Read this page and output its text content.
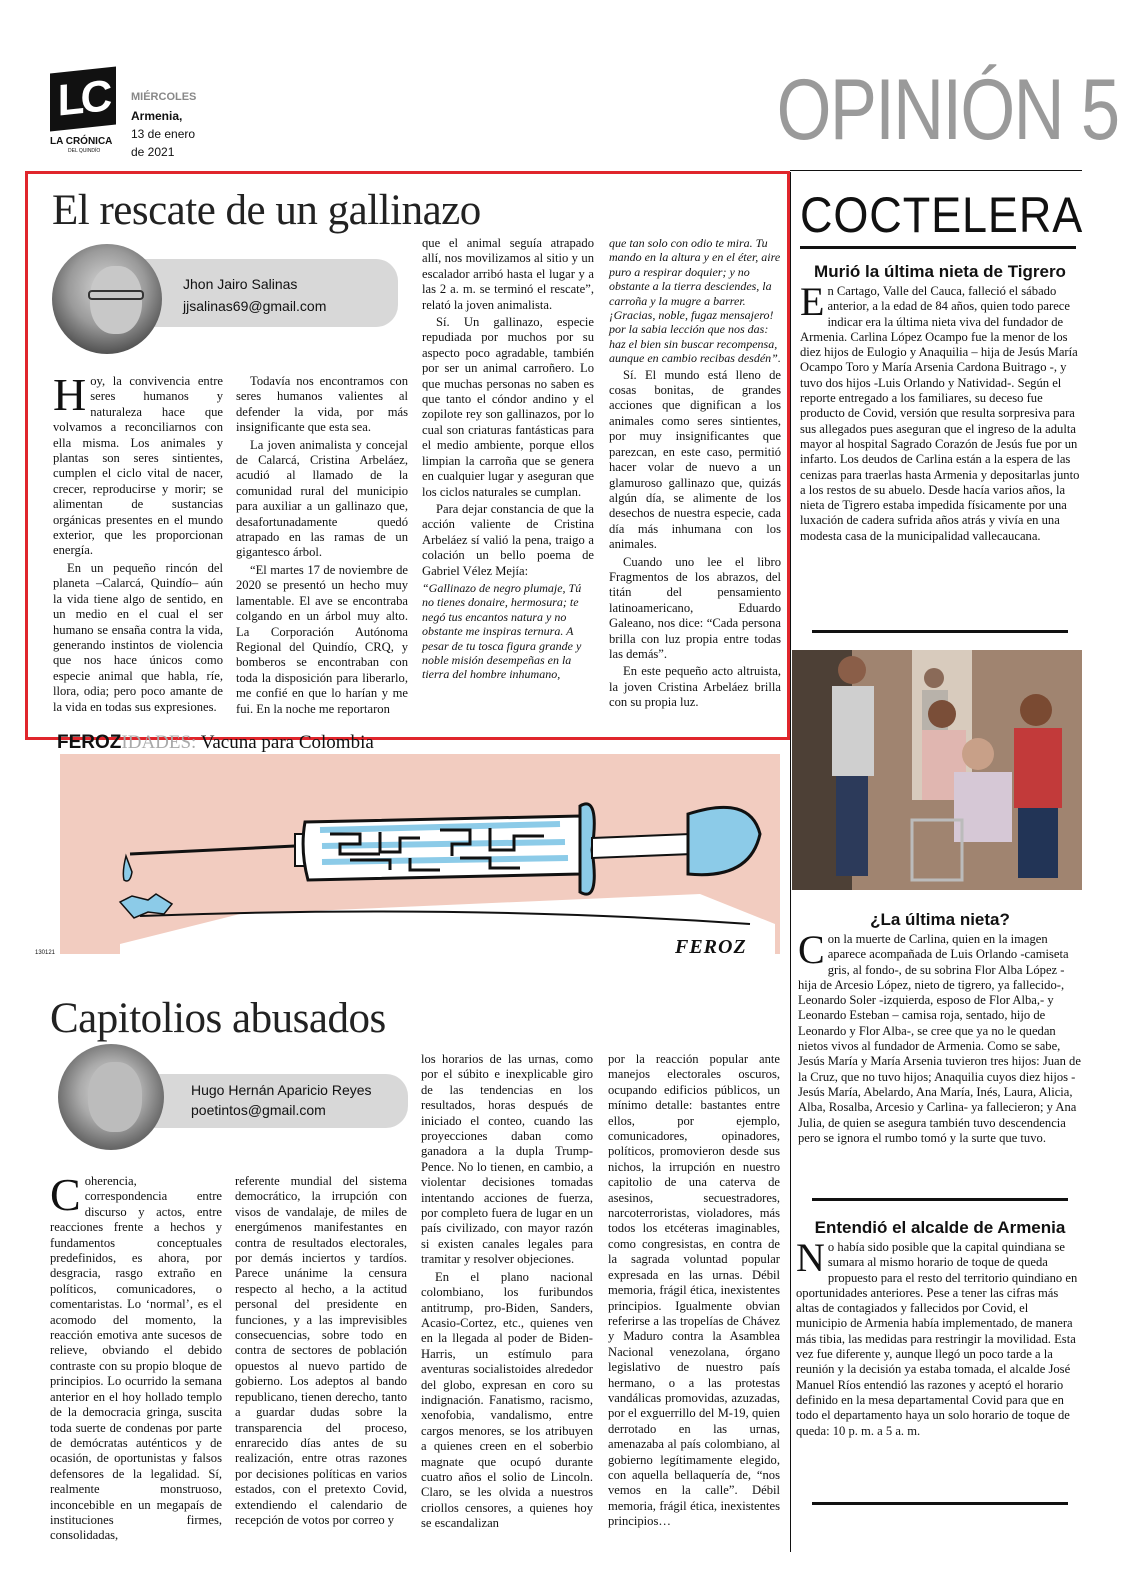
LC
LA CRÓNICA
DEL QUINDÍO
MIÉRCOLES
Armenia,
13 de enero
de 2021	OPINIÓN 5
El rescate de un gallinazo
Jhon Jairo Salinas
jjsalinas69@gmail.com

Hoy, la convivencia entre seres humanos y naturaleza hace que volvamos a reconciliarnos con ella misma. Los animales y plantas son seres sintientes, cumplen el ciclo vital de nacer, crecer, reproducirse y morir; se alimentan de sustancias orgánicas presentes en el mundo exterior, que les proporcionan energía.

En un pequeño rincón del planeta –Calarcá, Quindío– aún la vida tiene algo de sentido, en un medio en el cual el ser humano se ensaña contra la vida, generando instintos de violencia que nos hace únicos como especie animal que habla, ríe, llora, odia; pero poco amante de la vida en todas sus expresiones.

Todavía nos encontramos con seres humanos valientes al defender la vida, por más insignificante que esta sea.

La joven animalista y concejal de Calarcá, Cristina Arbeláez, acudió al llamado de la comunidad rural del municipio para auxiliar a un gallinazo que, desafortunadamente quedó atrapado en las ramas de un gigantesco árbol.

“El martes 17 de noviembre de 2020 se presentó un hecho muy lamentable. El ave se encontraba colgando en un árbol muy alto. La Corporación Autónoma Regional del Quindío, CRQ, y bomberos se encontraban con toda la disposición para liberarlo, me confié en que lo harían y me fui. En la noche me reportaron

que el animal seguía atrapado allí, nos movilizamos al sitio y un escalador arribó hasta el lugar y a las 2 a. m. se terminó el rescate”, relató la joven animalista.

Sí. Un gallinazo, especie repudiada por muchos por su aspecto poco agradable, también por ser un animal carroñero. Lo que muchas personas no saben es que tanto el cóndor andino y el zopilote rey son gallinazos, por lo cual son criaturas fantásticas para el medio ambiente, porque ellos limpian la carroña que se genera en cualquier lugar y aseguran que los ciclos naturales se cumplan.

Para dejar constancia de que la acción valiente de Cristina Arbeláez sí valió la pena, traigo a colación un bello poema de Gabriel Vélez Mejía:

“Gallinazo de negro plumaje, Tú no tienes donaire, hermosura; te negó tus encantos natura y no obstante me inspiras ternura. A pesar de tu tosca figura grande y noble misión desempeñas en la tierra del hombre inhumano,

que tan solo con odio te mira. Tu mando en la altura y en el éter, aire puro a respirar doquier; y no obstante a la tierra desciendes, la carroña y la mugre a barrer. ¡Gracias, noble, fugaz mensajero! por la sabia lección que nos das: haz el bien sin buscar recompensa, aunque en cambio recibas desdén”.

Sí. El mundo está lleno de cosas bonitas, de grandes acciones que dignifican a los animales como seres sintientes, por muy insignificantes que parezcan, en este caso, permitió hacer volar de nuevo a un glamuroso gallinazo que, quizás algún día, se alimente de los desechos de nuestra especie, cada día más inhumana con los animales.

Cuando uno lee el libro Fragmentos de los abrazos, del titán del pensamiento latinoamericano, Eduardo Galeano, nos dice: “Cada persona brilla con luz propia entre todas las demás”.

En este pequeño acto altruista, la joven Cristina Arbeláez brilla con su propia luz.

FEROZIDADES: Vacuna para Colombia
130121	FEROZ
Capitolios abusados
Hugo Hernán Aparicio Reyes
poetintos@gmail.com

Coherencia, correspondencia entre discurso y actos, entre reacciones frente a hechos y fundamentos conceptuales predefinidos, es ahora, por desgracia, rasgo extraño en políticos, comunicadores, o comentaristas. Lo ‘normal’, es el acomodo del momento, la reacción emotiva ante sucesos de relieve, obviando el debido contraste con su propio bloque de principios. Lo ocurrido la semana anterior en el hoy hollado templo de la democracia gringa, suscita toda suerte de condenas por parte de demócratas auténticos y de ocasión, de oportunistas y falsos defensores de la legalidad. Sí, realmente monstruoso, inconcebible en un megapaís de instituciones firmes, consolidadas,

referente mundial del sistema democrático, la irrupción con visos de vandalaje, de miles de energúmenos manifestantes en contra de resultados electorales, por demás inciertos y tardíos. Parece unánime la censura respecto al hecho, a la actitud personal del presidente en funciones, y a las imprevisibles consecuencias, sobre todo en contra de sectores de población opuestos al nuevo partido de gobierno. Los adeptos al bando republicano, tienen derecho, tanto a guardar dudas sobre la transparencia del proceso, enrarecido días antes de su realización, entre otras razones por decisiones políticas en varios estados, con el pretexto Covid, extendiendo el calendario de recepción de votos por correo y

los horarios de las urnas, como por el súbito e inexplicable giro de las tendencias en los resultados, horas después de iniciado el conteo, cuando las proyecciones daban como ganadora a la dupla Trump-Pence. No lo tienen, en cambio, a violentar decisiones tomadas intentando acciones de fuerza, por completo fuera de lugar en un país civilizado, con mayor razón si existen canales legales para tramitar y resolver objeciones.

En el plano nacional colombiano, los furibundos antitrump, pro-Biden, Sanders, Acasio-Cortez, etc., quienes ven en la llegada al poder de Biden-Harris, un estímulo para aventuras socialistoides alrededor del globo, expresan en coro su indignación. Fanatismo, racismo, xenofobia, vandalismo, entre cargos menores, se los atribuyen a quienes creen en el soberbio magnate que ocupó durante cuatro años el solio de Lincoln. Claro, se les olvida a nuestros criollos censores, a quienes hoy se escandalizan

por la reacción popular ante manejos electorales oscuros, ocupando edificios públicos, un mínimo detalle: bastantes entre ellos, por ejemplo, comunicadores, opinadores, políticos, promovieron desde sus nichos, la irrupción en nuestro capitolio de una caterva de asesinos, secuestradores, narcoterroristas, violadores, más todos los etcéteras imaginables, como congresistas, en contra de la sagrada voluntad popular expresada en las urnas. Débil memoria, frágil ética, inexistentes principios. Igualmente obvian referirse a las tropelías de Chávez y Maduro contra la Asamblea Nacional venezolana, órgano legislativo de nuestro país hermano, o a las protestas vandálicas promovidas, azuzadas, por el exguerrillo del M-19, quien derrotado en las urnas, amenazaba al país colombiano, al gobierno legítimamente elegido, con aquella bellaquería de, “nos vemos en la calle”. Débil memoria, frágil ética, inexistentes principios…

COCTELERA
Murió la última nieta de Tigrero
En Cartago, Valle del Cauca, falleció el sábado anterior, a la edad de 84 años, quien todo parece indicar era la última nieta viva del fundador de Armenia. Carlina López Ocampo fue la menor de los diez hijos de Eulogio y Anaquilia – hija de Jesús María Ocampo Toro y María Arsenia Cardona Buitrago -, y tuvo dos hijos -Luis Orlando y Natividad-. Según el reporte entregado a los familiares, su deceso fue producto de Covid, versión que resulta sorpresiva para sus allegados pues aseguran que el ingreso de la adulta mayor al hospital Sagrado Corazón de Jesús fue por un infarto. Los deudos de Carlina están a la espera de las cenizas para traerlas hasta Armenia y depositarlas junto a los restos de su abuelo. Desde hacía varios años, la nieta de Tigrero estaba impedida físicamente por una luxación de cadera sufrida años atrás y vivía en una modesta casa de la municipalidad vallecaucana.
¿La última nieta?
Con la muerte de Carlina, quien en la imagen aparece acompañada de Luis Orlando -camiseta gris, al fondo-, de su sobrina Flor Alba López -hija de Arcesio López, nieto de tigrero, ya fallecido-, Leonardo Soler -izquierda, esposo de Flor Alba,- y Leonardo Esteban – camisa roja, sentado, hijo de Leonardo y Flor Alba-, se cree que ya no le quedan nietos vivos al fundador de Armenia. Como se sabe, Jesús María y María Arsenia tuvieron tres hijos: Juan de la Cruz, que no tuvo hijos; Anaquilia cuyos diez hijos -Jesús María, Abelardo, Ana María, Inés, Laura, Alicia, Alba, Rosalba, Arcesio y Carlina- ya fallecieron; y Ana Julia, de quien se asegura también tuvo descendencia pero se ignora el rumbo tomó y la surte que tuvo.
Entendió el alcalde de Armenia
No había sido posible que la capital quindiana se sumara al mismo horario de toque de queda propuesto para el resto del territorio quindiano en oportunidades anteriores. Pese a tener las cifras más altas de contagiados y fallecidos por Covid, el municipio de Armenia había implementado, de manera más tibia, las medidas para restringir la movilidad. Esta vez fue diferente y, aunque llegó un poco tarde a la reunión y la decisión ya estaba tomada, el alcalde José Manuel Ríos entendió las razones y aceptó el horario definido en la mesa departamental Covid para que en todo el departamento haya un solo horario de toque de queda: 10 p. m. a 5 a. m.
